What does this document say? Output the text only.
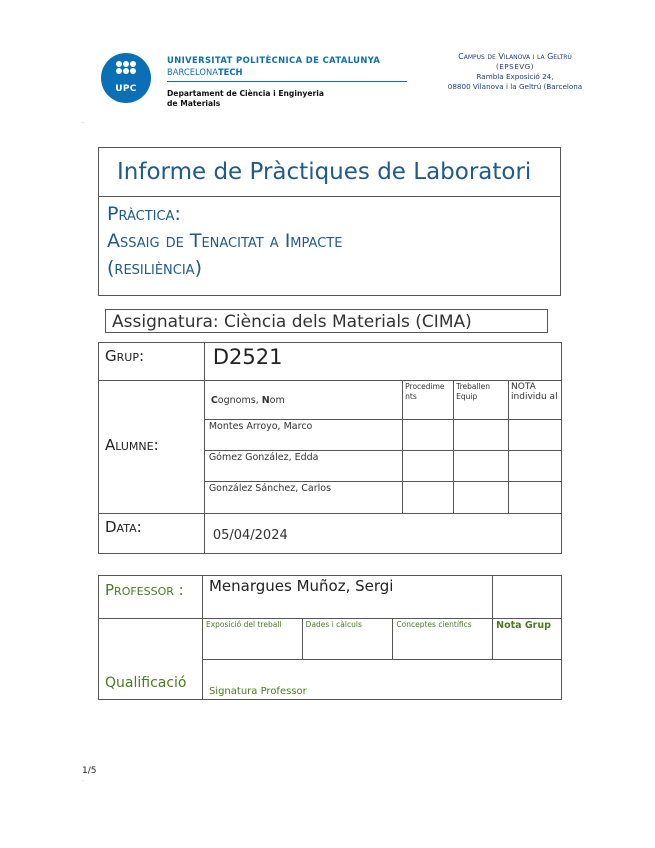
UPC
UNIVERSITAT POLITÈCNICA DE CATALUNYA
BARCELONATECH
Departament de Ciència i Enginyeria
de Materials
Campus de Vilanova i la Geltrú
(EPSEVG)
Rambla Exposició 24,
08800 Vilanova i la Geltrú (Barcelona
·
Informe de Pràctiques de Laboratori
Pràctica:
Assaig de Tenacitat a Impacte
(resiliència)
Assignatura: Ciència dels Materials (CIMA)
Grup:	D2521			
Alumne:	Cognoms, Nom	Procedime nts	Treballen Equip	NOTA individu al
	Montes Arroyo, Marco			
	Gómez González, Edda			
	González Sánchez, Carlos			
Data:	05/04/2024			
Professor :	Menargues Muñoz, Sergi			
Qualificació	Exposició del treball	Dades i càlculs	Conceptes científics	Nota Grup
	Signatura Professor			
1/5
·
